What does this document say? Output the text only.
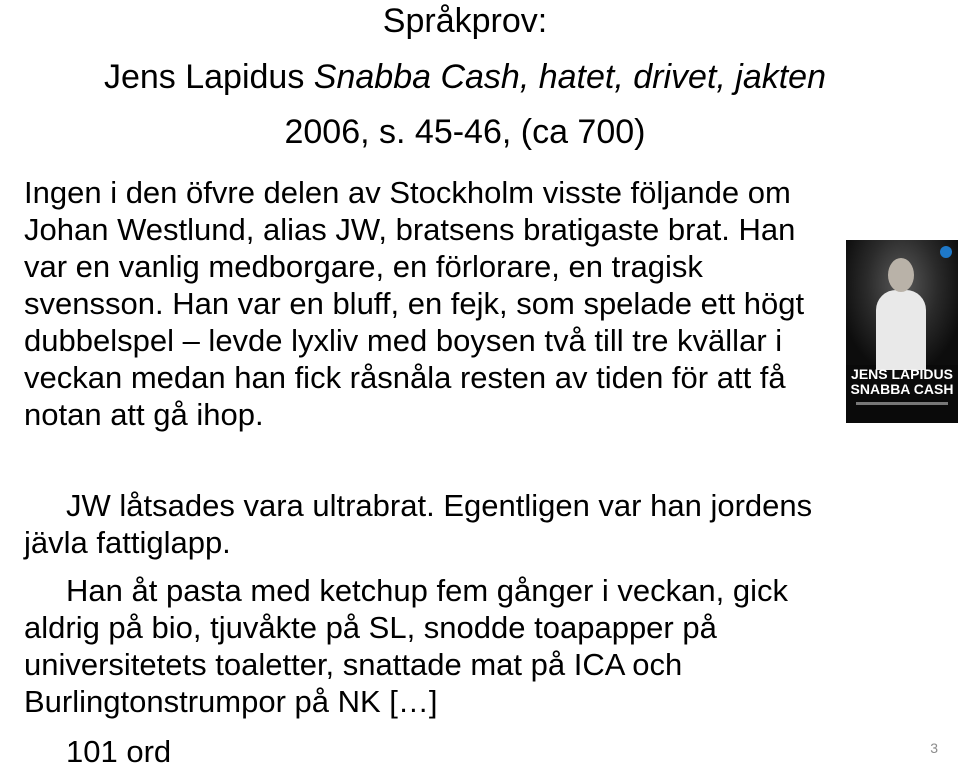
Språkprov:
Jens Lapidus Snabba Cash, hatet, drivet, jakten
2006, s. 45-46, (ca 700)
Ingen i den öfvre delen av Stockholm visste följande om Johan Westlund, alias JW, bratsens bratigaste brat. Han var en vanlig medborgare, en förlorare, en tragisk svensson. Han var en bluff, en fejk, som spelade ett högt dubbelspel – levde lyxliv med boysen två till tre kvällar i veckan medan han fick råsnåla resten av tiden för att få notan att gå ihop.
JW låtsades vara ultrabrat. Egentligen var han jordens jävla fattiglapp.
Han åt pasta med ketchup fem gånger i veckan, gick aldrig på bio, tjuvåkte på SL, snodde toapapper på universitetets toaletter, snattade mat på ICA och Burlingtonstrumpor på NK […]
101 ord
JENS LAPIDUS
SNABBA CASH
3
